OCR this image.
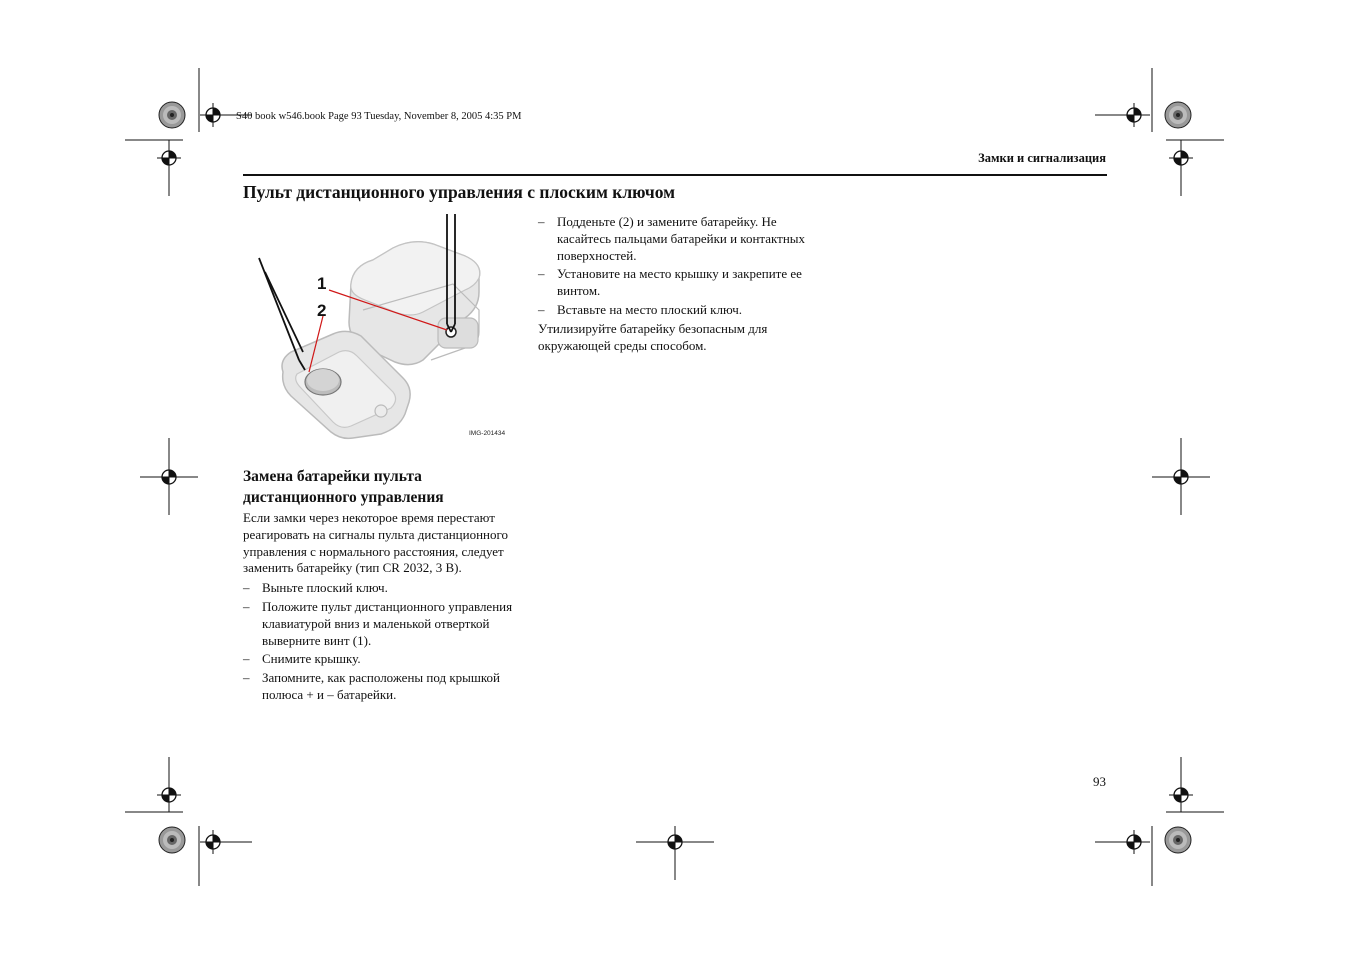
S40 book w546.book Page 93 Tuesday, November 8, 2005 4:35 PM
Замки и сигнализация
Пульт дистанционного управления с плоским ключом
1
2
IMG-201434
Замена батарейки пульта дистанционного управления

Если замки через некоторое время перестают реагировать на сигналы пульта дистанционного управления с нормального расстояния, следует заменить батарейку (тип CR 2032, 3 В).

– Выньте плоский ключ.
– Положите пульт дистанционного управления клавиатурой вниз и маленькой отверткой выверните винт (1).
– Снимите крышку.
– Запомните, как расположены под крышкой полюса + и – батарейки.
– Подденьте (2) и замените батарейку. Не касайтесь пальцами батарейки и контактных поверхностей.
– Установите на место крышку и закрепите ее винтом.
– Вставьте на место плоский ключ.

Утилизируйте батарейку безопасным для окружающей среды способом.

93
